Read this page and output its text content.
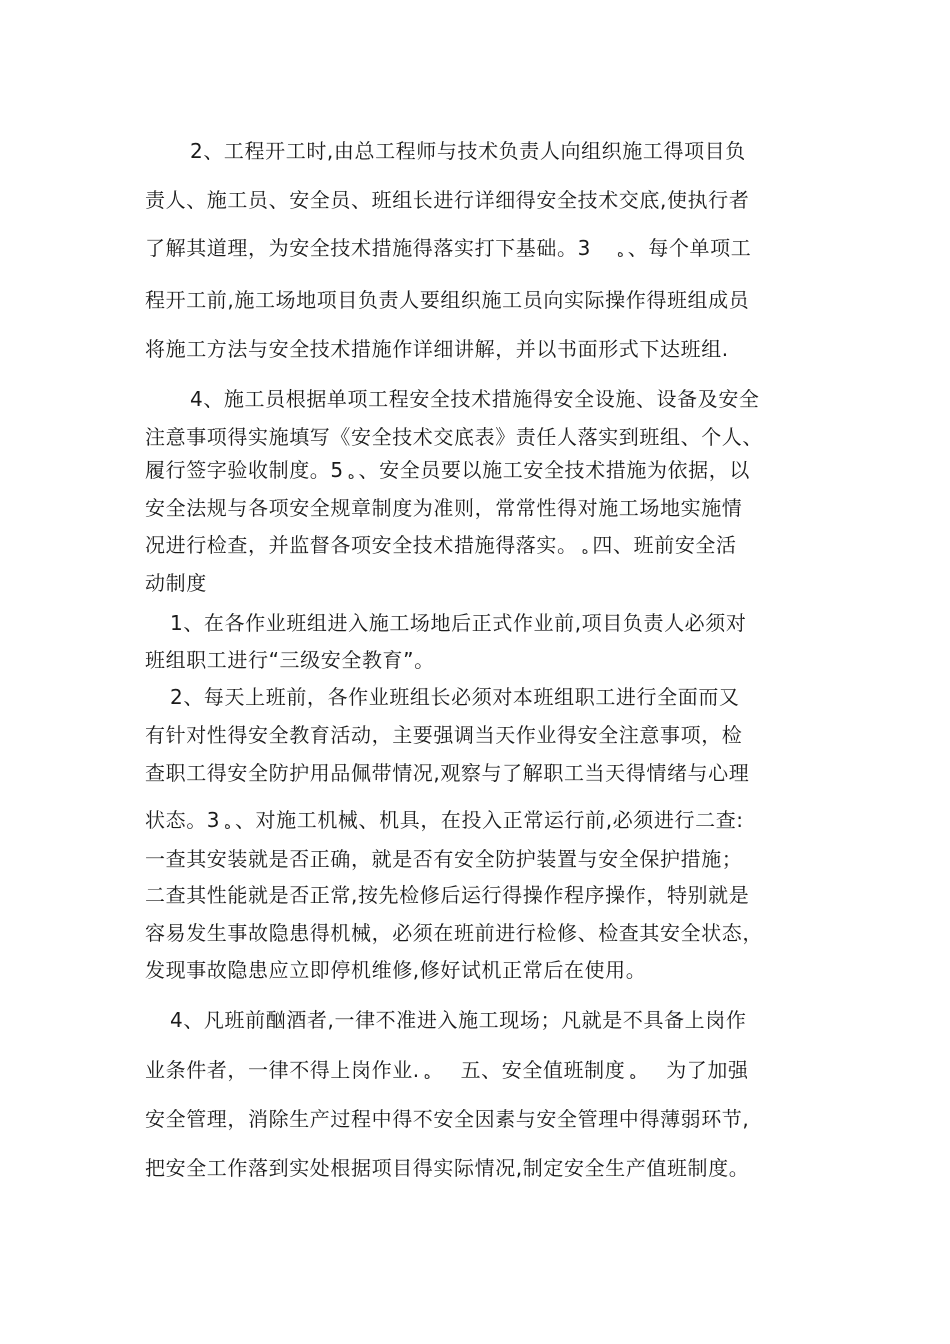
2、工程开工时,由总工程师与技术负责人向组织施工得项目负
责人、施工员、安全员、班组长进行详细得安全技术交底,使执行者
了解其道理，为安全技术措施得落实打下基础。3 ﻩ 、每个单项工
程开工前,施工场地项目负责人要组织施工员向实际操作得班组成员
将施工方法与安全技术措施作详细讲解，并以书面形式下达班组.
4、施工员根据单项工程安全技术措施得安全设施、设备及安全
注意事项得实施填写《安全技术交底表》责任人落实到班组、个人、
履行签字验收制度。5 ﻩ 、安全员要以施工安全技术措施为依据，以
安全法规与各项安全规章制度为准则，常常性得对施工场地实施情
况进行检查，并监督各项安全技术措施得落实。 ﻩ 四、班前安全活
动制度
1、在各作业班组进入施工场地后正式作业前,项目负责人必须对
班组职工进行“三级安全教育”。
2、每天上班前，各作业班组长必须对本班组职工进行全面而又
有针对性得安全教育活动，主要强调当天作业得安全注意事项，检
查职工得安全防护用品佩带情况,观察与了解职工当天得情绪与心理
状态。3 ﻩ 、对施工机械、机具，在投入正常运行前,必须进行二查:
一查其安装就是否正确，就是否有安全防护装置与安全保护措施；
二查其性能就是否正常,按先检修后运行得操作程序操作，特别就是
容易发生事故隐患得机械，必须在班前进行检修、检查其安全状态，
发现事故隐患应立即停机维修,修好试机正常后在使用。
4、凡班前酗酒者,一律不准进入施工现场；凡就是不具备上岗作
业条件者，一律不得上岗作业. ﻩ 五、安全值班制度 ﻩ 为了加强
安全管理，消除生产过程中得不安全因素与安全管理中得薄弱环节,
把安全工作落到实处根据项目得实际情况,制定安全生产值班制度。
